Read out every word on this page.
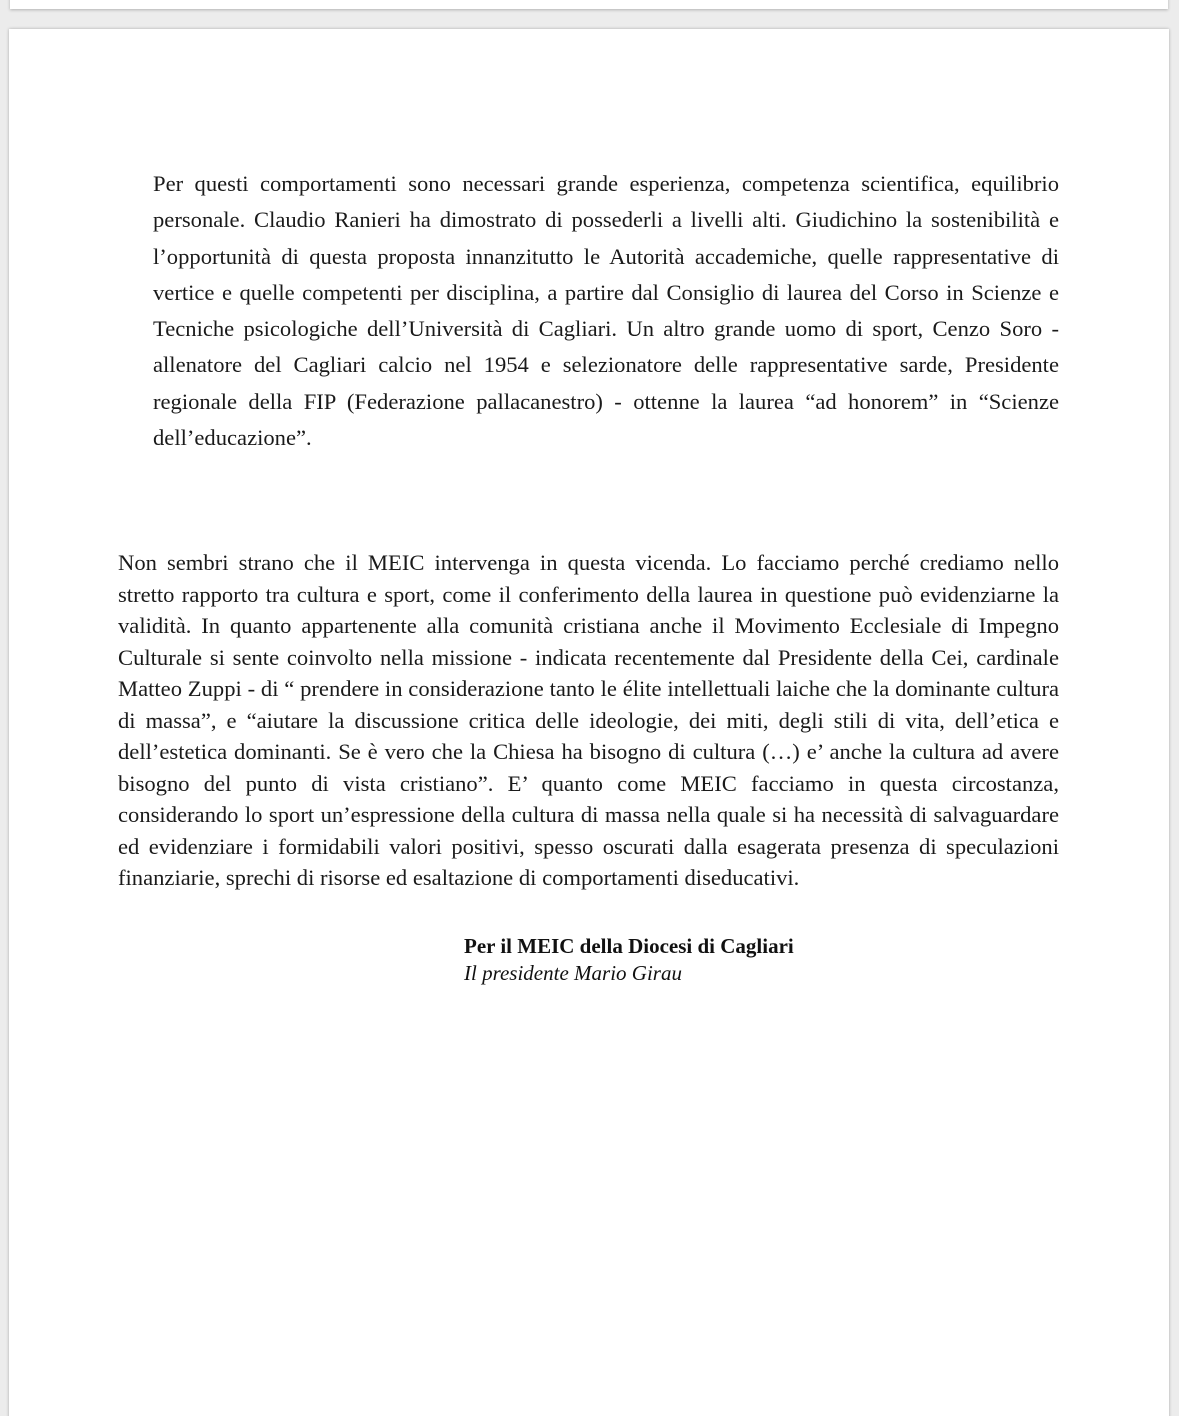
Per questi comportamenti sono necessari grande esperienza, competenza scientifica, equilibrio personale. Claudio Ranieri ha dimostrato di possederli a livelli alti. Giudichino la sostenibilità e l’opportunità di questa proposta innanzitutto le Autorità accademiche, quelle rappresentative di vertice e quelle competenti per disciplina, a partire dal Consiglio di laurea del Corso in Scienze e Tecniche psicologiche dell’Università di Cagliari. Un altro grande uomo di sport, Cenzo Soro - allenatore del Cagliari calcio nel 1954 e selezionatore delle rappresentative sarde, Presidente regionale della FIP (Federazione pallacanestro) - ottenne la laurea “ad honorem” in “Scienze dell’educazione”.

Non sembri strano che il MEIC intervenga in questa vicenda. Lo facciamo perché crediamo nello stretto rapporto tra cultura e sport, come il conferimento della laurea in questione può evidenziarne la validità. In quanto appartenente alla comunità cristiana anche il Movimento Ecclesiale di Impegno Culturale si sente coinvolto nella missione - indicata recentemente dal Presidente della Cei, cardinale Matteo Zuppi - di “ prendere in considerazione tanto le élite intellettuali laiche che la dominante cultura di massa”, e “aiutare la discussione critica delle ideologie, dei miti, degli stili di vita, dell’etica e dell’estetica dominanti. Se è vero che la Chiesa ha bisogno di cultura (…) e’ anche la cultura ad avere bisogno del punto di vista cristiano”. E’ quanto come MEIC facciamo in questa circostanza, considerando lo sport un’espressione della cultura di massa nella quale si ha necessità di salvaguardare ed evidenziare i formidabili valori positivi, spesso oscurati dalla esagerata presenza di speculazioni finanziarie, sprechi di risorse ed esaltazione di comportamenti diseducativi.

Per il MEIC della Diocesi di Cagliari
Il presidente Mario Girau
